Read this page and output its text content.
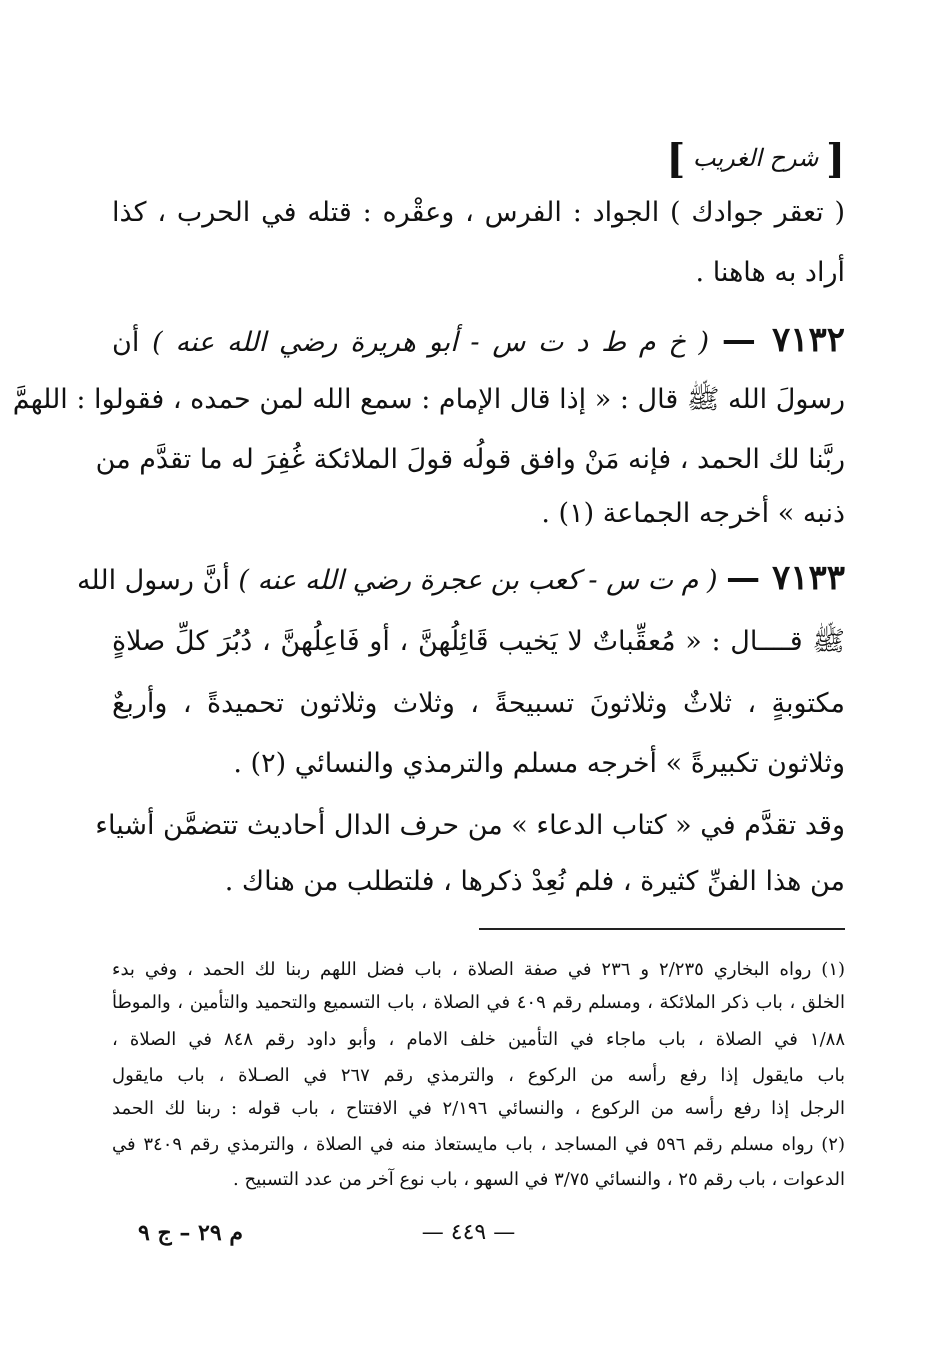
[ شرح الغريب ]
( تعقر جوادك ) الجواد : الفرس ، وعقْره : قتله في الحرب ، كذا
أراد به هاهنا .
٧١٣٢ — ( خ م ط د ت س - أبو هريرة رضي الله عنه ) أن
رسولَ الله ﷺ قال : « إذا قال الإمام : سمع الله لمن حمده ، فقولوا : اللهمَّ
ربَّنا لك الحمد ، فإنه مَنْ وافق قولُه قولَ الملائكة غُفِرَ له ما تقدَّم من
ذنبه » أخرجه الجماعة (١) .
٧١٣٣ — ( م ت س - كعب بن عجرة رضي الله عنه ) أنَّ رسول الله
ﷺ قــــال : « مُعقِّباتٌ لا يَخيب قَائِلُهنَّ ، أو فَاعِلُهنَّ ، دُبُرَ كلِّ صلاةٍ
مكتوبةٍ ، ثلاثٌ وثلاثونَ تسبيحةً ، وثلاث وثلاثون تحميدةً ، وأربعٌ
وثلاثون تكبيرةً » أخرجه مسلم والترمذي والنسائي (٢) .
وقد تقدَّم في « كتاب الدعاء » من حرف الدال أحاديث تتضمَّن أشياء
من هذا الفنِّ كثيرة ، فلم نُعِدْ ذكرها ، فلتطلب من هناك .
(١) رواه البخاري ٢/٢٣٥ و ٢٣٦ في صفة الصلاة ، باب فضل اللهم ربنا لك الحمد ، وفي بدء
الخلق ، باب ذكر الملائكة ، ومسلم رقم ٤٠٩ في الصلاة ، باب التسميع والتحميد والتأمين ، والموطأ
١/٨٨ في الصلاة ، باب ماجاء في التأمين خلف الامام ، وأبو داود رقم ٨٤٨ في الصلاة ،
باب مايقول إذا رفع رأسه من الركوع ، والترمذي رقم ٢٦٧ في الصـلاة ، باب مايقول
الرجل إذا رفع رأسه من الركوع ، والنسائي ٢/١٩٦ في الافتتاح ، باب قوله : ربنا لك الحمد
(٢) رواه مسلم رقم ٥٩٦ في المساجد ، باب مايستعاذ منه في الصلاة ، والترمذي رقم ٣٤٠٩ في
الدعوات ، باب رقم ٢٥ ، والنسائي ٣/٧٥ في السهو ، باب نوع آخر من عدد التسبيح .
— ٤٤٩ —
م ٢٩ – ج ٩
